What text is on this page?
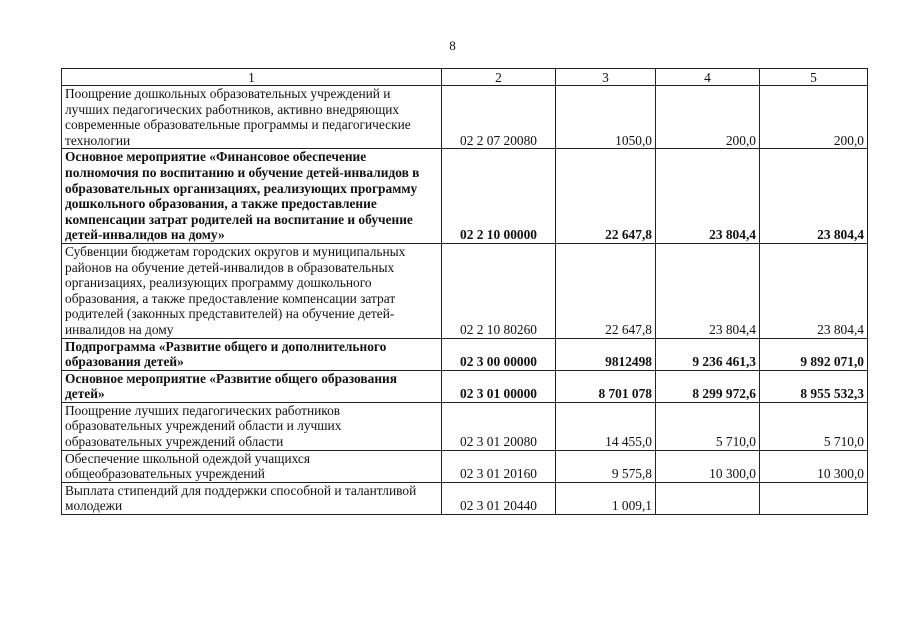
8
1	2	3	4	5
Поощрение дошкольных образовательных учреждений и лучших педагогических работников, активно внедряющих современные образовательные программы и педагогические технологии	02 2 07 20080	1050,0	200,0	200,0
Основное мероприятие «Финансовое обеспечение полномочия по воспитанию и обучение детей-инвалидов в образовательных организациях, реализующих программу дошкольного образования, а также предоставление компенсации затрат родителей на воспитание и обучение детей-инвалидов на дому»	02 2 10 00000	22 647,8	23 804,4	23 804,4
Субвенции бюджетам городских округов и муниципальных районов на обучение детей-инвалидов в образовательных организациях, реализующих программу дошкольного образования, а также предоставление компенсации затрат родителей (законных представителей) на обучение детей-инвалидов на дому	02 2 10 80260	22 647,8	23 804,4	23 804,4
Подпрограмма «Развитие общего и дополнительного образования детей»	02 3 00 00000	9812498	9 236 461,3	9 892 071,0
Основное мероприятие «Развитие общего образования детей»	02 3 01 00000	8 701 078	8 299 972,6	8 955 532,3
Поощрение лучших педагогических работников образовательных учреждений области и лучших образовательных учреждений области	02 3 01 20080	14 455,0	5 710,0	5 710,0
Обеспечение школьной одеждой учащихся общеобразовательных учреждений	02 3 01 20160	9 575,8	10 300,0	10 300,0
Выплата стипендий для поддержки способной и талантливой молодежи	02 3 01 20440	1 009,1		
